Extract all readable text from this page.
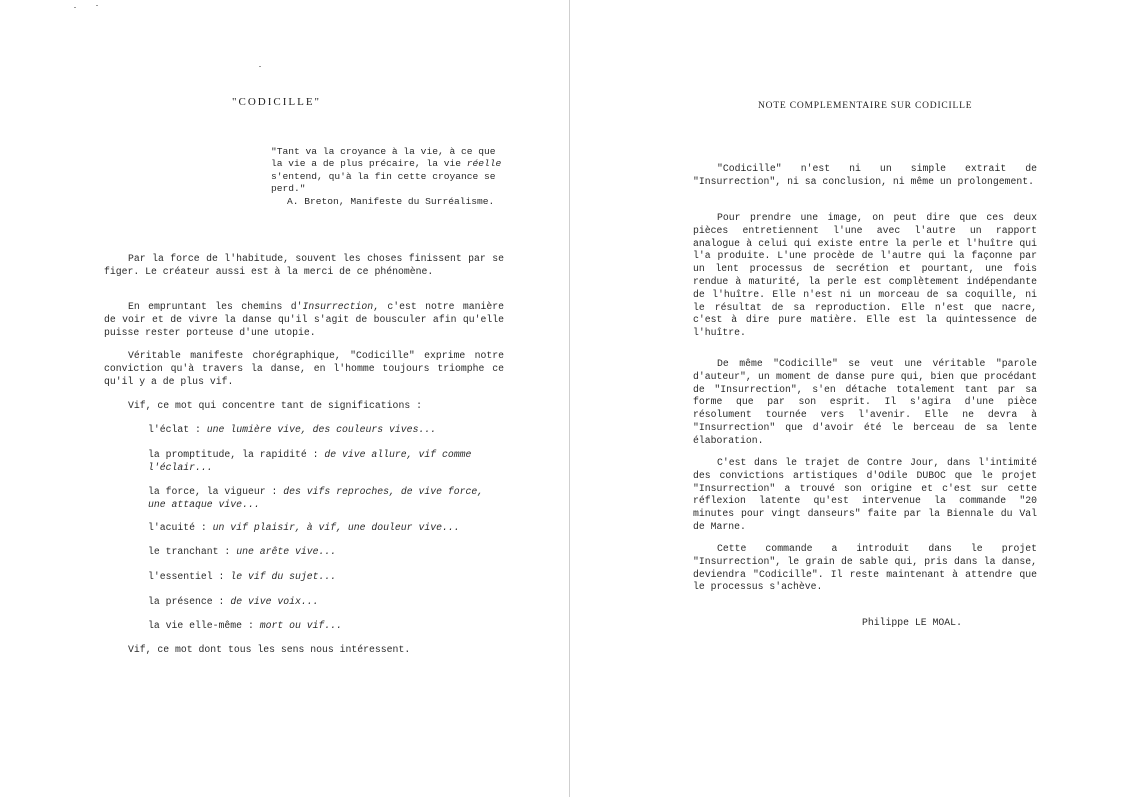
"CODICILLE"
"Tant va la croyance à la vie, à ce que
la vie a de plus précaire, la vie réelle
s'entend, qu'à la fin cette croyance se
perd."
A. Breton, Manifeste du Surréalisme.

Par la force de l'habitude, souvent les choses finissent par se figer. Le créateur aussi est à la merci de ce phénomène.

En empruntant les chemins d'Insurrection, c'est notre manière de voir et de vivre la danse qu'il s'agit de bousculer afin qu'elle puisse rester porteuse d'une utopie.

Véritable manifeste chorégraphique, "Codicille" exprime notre conviction qu'à travers la danse, en l'homme toujours triomphe ce qu'il y a de plus vif.

Vif, ce mot qui concentre tant de significations :

l'éclat : une lumière vive, des couleurs vives...

la promptitude, la rapidité : de vive allure, vif comme l'éclair...

la force, la vigueur : des vifs reproches, de vive force, une attaque vive...

l'acuité : un vif plaisir, à vif, une douleur vive...

le tranchant : une arête vive...

l'essentiel : le vif du sujet...

la présence : de vive voix...

la vie elle-même : mort ou vif...

Vif, ce mot dont tous les sens nous intéressent.

NOTE COMPLEMENTAIRE SUR CODICILLE

"Codicille" n'est ni un simple extrait de "Insurrection", ni sa conclusion, ni même un prolongement.

Pour prendre une image, on peut dire que ces deux pièces entretiennent l'une avec l'autre un rapport analogue à celui qui existe entre la perle et l'huître qui l'a produite. L'une procède de l'autre qui la façonne par un lent processus de secrétion et pourtant, une fois rendue à maturité, la perle est complètement indépendante de l'huître. Elle n'est ni un morceau de sa coquille, ni le résultat de sa reproduction. Elle n'est que nacre, c'est à dire pure matière. Elle est la quintessence de l'huître.

De même "Codicille" se veut une véritable "parole d'auteur", un moment de danse pure qui, bien que procédant de "Insurrection", s'en détache totalement tant par sa forme que par son esprit. Il s'agira d'une pièce résolument tournée vers l'avenir. Elle ne devra à "Insurrection" que d'avoir été le berceau de sa lente élaboration.

C'est dans le trajet de Contre Jour, dans l'intimité des convictions artistiques d'Odile DUBOC que le projet "Insurrection" a trouvé son origine et c'est sur cette réflexion latente qu'est intervenue la commande "20 minutes pour vingt danseurs" faite par la Biennale du Val de Marne.

Cette commande a introduit dans le projet "Insurrection", le grain de sable qui, pris dans la danse, deviendra "Codicille". Il reste maintenant à attendre que le processus s'achève.

Philippe LE MOAL.
